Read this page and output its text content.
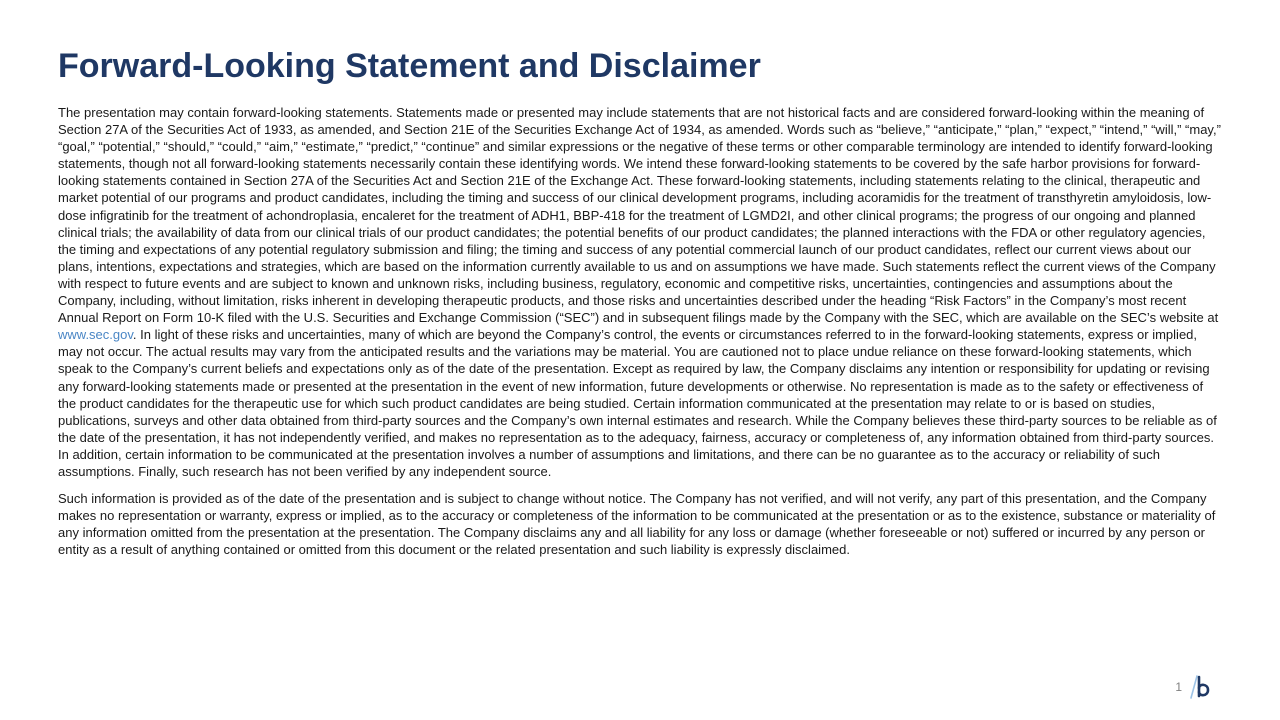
Forward-Looking Statement and Disclaimer

The presentation may contain forward-looking statements. Statements made or presented may include statements that are not historical facts and are considered forward-looking within the meaning of Section 27A of the Securities Act of 1933, as amended, and Section 21E of the Securities Exchange Act of 1934, as amended. Words such as “believe,” “anticipate,” “plan,” “expect,” “intend,” “will,” “may,” “goal,” “potential,” “should,” “could,” “aim,” “estimate,” “predict,” “continue” and similar expressions or the negative of these terms or other comparable terminology are intended to identify forward-looking statements, though not all forward-looking statements necessarily contain these identifying words. We intend these forward-looking statements to be covered by the safe harbor provisions for forward-looking statements contained in Section 27A of the Securities Act and Section 21E of the Exchange Act. These forward-looking statements, including statements relating to the clinical, therapeutic and market potential of our programs and product candidates, including the timing and success of our clinical development programs, including acoramidis for the treatment of transthyretin amyloidosis, low-dose infigratinib for the treatment of achondroplasia, encaleret for the treatment of ADH1, BBP-418 for the treatment of LGMD2I, and other clinical programs; the progress of our ongoing and planned clinical trials; the availability of data from our clinical trials of our product candidates; the potential benefits of our product candidates; the planned interactions with the FDA or other regulatory agencies, the timing and expectations of any potential regulatory submission and filing; the timing and success of any potential commercial launch of our product candidates, reflect our current views about our plans, intentions, expectations and strategies, which are based on the information currently available to us and on assumptions we have made. Such statements reflect the current views of the Company with respect to future events and are subject to known and unknown risks, including business, regulatory, economic and competitive risks, uncertainties, contingencies and assumptions about the Company, including, without limitation, risks inherent in developing therapeutic products, and those risks and uncertainties described under the heading “Risk Factors” in the Company’s most recent Annual Report on Form 10-K filed with the U.S. Securities and Exchange Commission (“SEC”) and in subsequent filings made by the Company with the SEC, which are available on the SEC’s website at www.sec.gov. In light of these risks and uncertainties, many of which are beyond the Company’s control, the events or circumstances referred to in the forward-looking statements, express or implied, may not occur. The actual results may vary from the anticipated results and the variations may be material. You are cautioned not to place undue reliance on these forward-looking statements, which speak to the Company’s current beliefs and expectations only as of the date of the presentation. Except as required by law, the Company disclaims any intention or responsibility for updating or revising any forward-looking statements made or presented at the presentation in the event of new information, future developments or otherwise. No representation is made as to the safety or effectiveness of the product candidates for the therapeutic use for which such product candidates are being studied. Certain information communicated at the presentation may relate to or is based on studies, publications, surveys and other data obtained from third-party sources and the Company’s own internal estimates and research. While the Company believes these third-party sources to be reliable as of the date of the presentation, it has not independently verified, and makes no representation as to the adequacy, fairness, accuracy or completeness of, any information obtained from third-party sources. In addition, certain information to be communicated at the presentation involves a number of assumptions and limitations, and there can be no guarantee as to the accuracy or reliability of such assumptions. Finally, such research has not been verified by any independent source.

Such information is provided as of the date of the presentation and is subject to change without notice. The Company has not verified, and will not verify, any part of this presentation, and the Company makes no representation or warranty, express or implied, as to the accuracy or completeness of the information to be communicated at the presentation or as to the existence, substance or materiality of any information omitted from the presentation at the presentation. The Company disclaims any and all liability for any loss or damage (whether foreseeable or not) suffered or incurred by any person or entity as a result of anything contained or omitted from this document or the related presentation and such liability is expressly disclaimed.

1
